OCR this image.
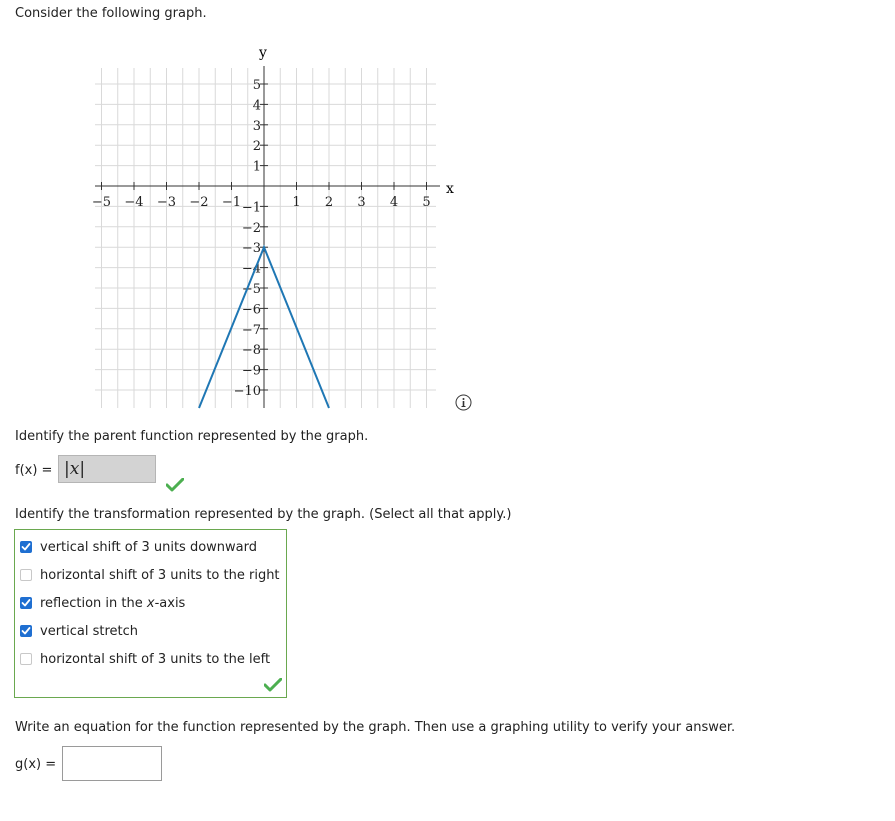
Consider the following graph.
−5 −4 −3 −2 −1	1 2 3 4 5
5
4
3
2
1
−1
−2
−3
−4
−5
−6
−7
−8
−9
−10
x
y
Identify the parent function represented by the graph.
f(x) = |x|
Identify the transformation represented by the graph. (Select all that apply.)
vertical shift of 3 units downward
horizontal shift of 3 units to the right
reflection in the x-axis
vertical stretch
horizontal shift of 3 units to the left
Write an equation for the function represented by the graph. Then use a graphing utility to verify your answer.
g(x) =
